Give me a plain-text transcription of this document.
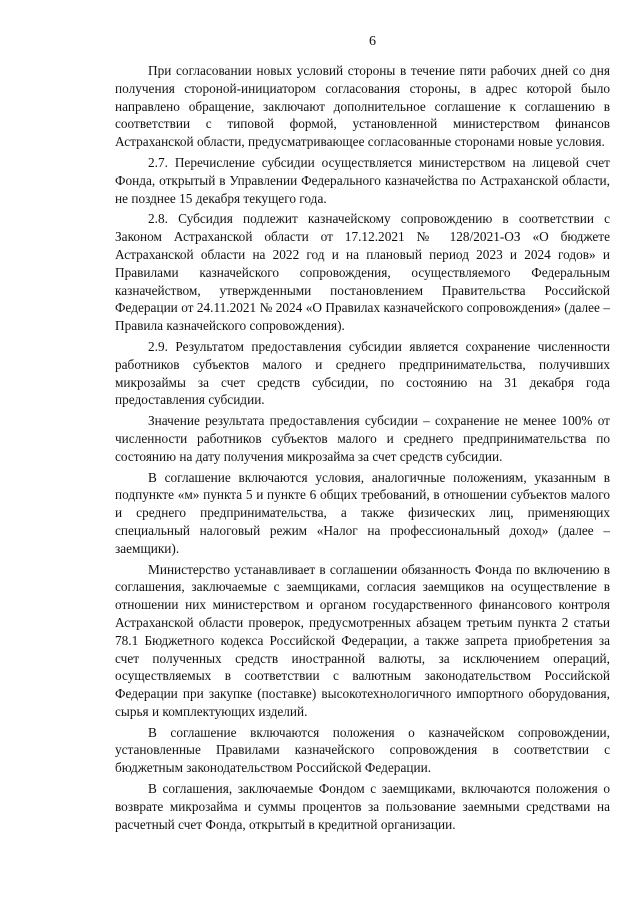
6

При согласовании новых условий стороны в течение пяти рабочих дней со дня получения стороной-инициатором согласования стороны, в адрес которой было направлено обращение, заключают дополнительное соглашение к соглашению в соответствии с типовой формой, установленной министерством финансов Астраханской области, предусматривающее согласованные сторонами новые условия.

2.7. Перечисление субсидии осуществляется министерством на лицевой счет Фонда, открытый в Управлении Федерального казначейства по Астраханской области, не позднее 15 декабря текущего года.

2.8. Субсидия подлежит казначейскому сопровождению в соответствии с Законом Астраханской области от 17.12.2021 № 128/2021-ОЗ «О бюджете Астраханской области на 2022 год и на плановый период 2023 и 2024 годов» и Правилами казначейского сопровождения, осуществляемого Федеральным казначейством, утвержденными постановлением Правительства Российской Федерации от 24.11.2021 № 2024 «О Правилах казначейского сопровождения» (далее – Правила казначейского сопровождения).

2.9. Результатом предоставления субсидии является сохранение численности работников субъектов малого и среднего предпринимательства, получивших микрозаймы за счет средств субсидии, по состоянию на 31 декабря года предоставления субсидии.

Значение результата предоставления субсидии – сохранение не менее 100% от численности работников субъектов малого и среднего предпринимательства по состоянию на дату получения микрозайма за счет средств субсидии.

В соглашение включаются условия, аналогичные положениям, указанным в подпункте «м» пункта 5 и пункте 6 общих требований, в отношении субъектов малого и среднего предпринимательства, а также физических лиц, применяющих специальный налоговый режим «Налог на профессиональный доход» (далее – заемщики).

Министерство устанавливает в соглашении обязанность Фонда по включению в соглашения, заключаемые с заемщиками, согласия заемщиков на осуществление в отношении них министерством и органом государственного финансового контроля Астраханской области проверок, предусмотренных абзацем третьим пункта 2 статьи 78.1 Бюджетного кодекса Российской Федерации, а также запрета приобретения за счет полученных средств иностранной валюты, за исключением операций, осуществляемых в соответствии с валютным законодательством Российской Федерации при закупке (поставке) высокотехнологичного импортного оборудования, сырья и комплектующих изделий.

В соглашение включаются положения о казначейском сопровождении, установленные Правилами казначейского сопровождения в соответствии с бюджетным законодательством Российской Федерации.

В соглашения, заключаемые Фондом с заемщиками, включаются положения о возврате микрозайма и суммы процентов за пользование заемными средствами на расчетный счет Фонда, открытый в кредитной организации.
